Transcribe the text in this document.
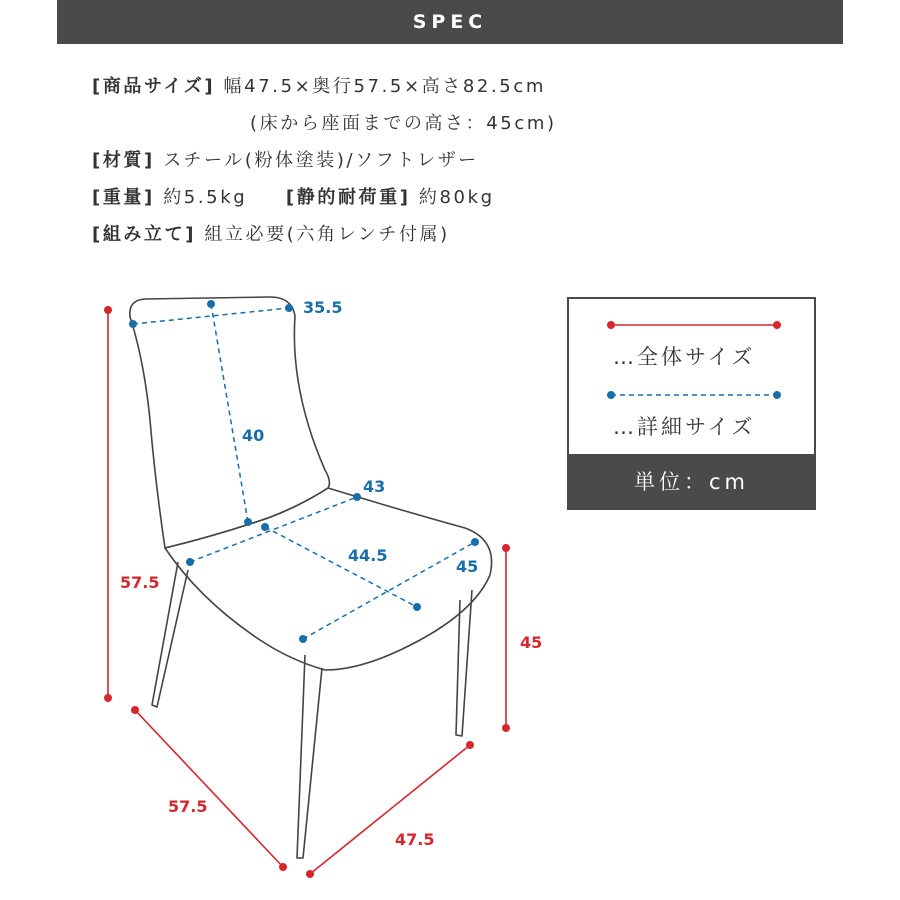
SPEC
[商品サイズ] 幅47.5×奥行57.5×高さ82.5cm
(床から座面までの高さ：45cm)
[材質] スチール(粉体塗装)/ソフトレザー
[重量] 約5.5kg [静的耐荷重] 約80kg
[組み立て] 組立必要(六角レンチ付属)
57.5
57.5
47.5
45
35.5
40
43
44.5
45
…全体サイズ
…詳細サイズ
単位：cm
